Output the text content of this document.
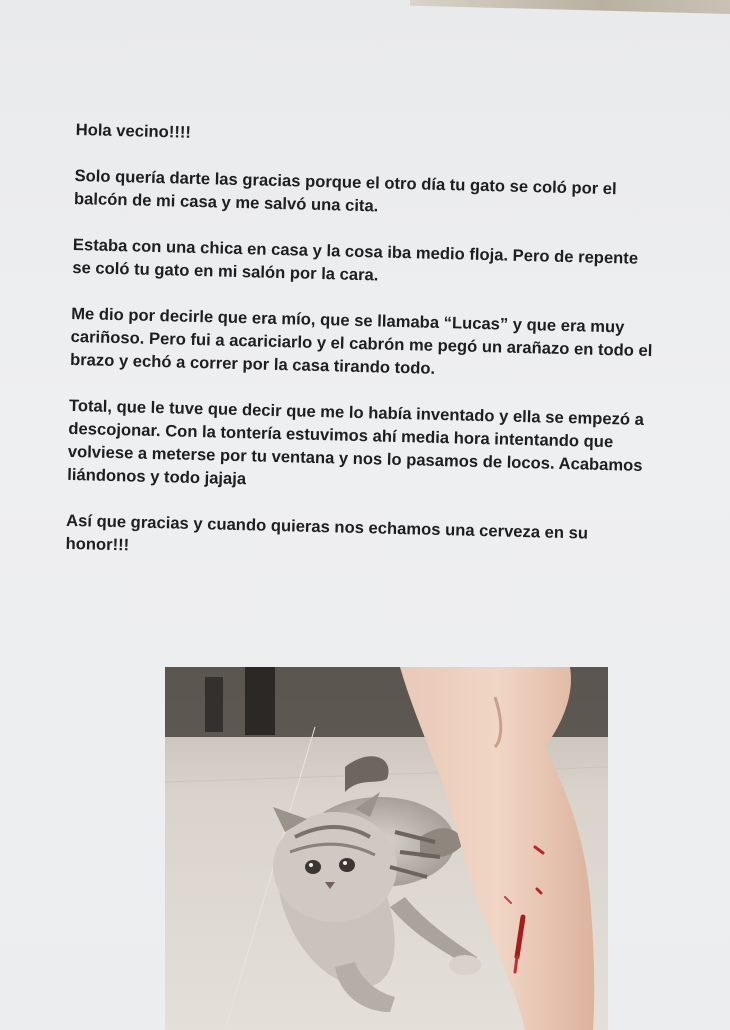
Hola vecino!!!!

Solo quería darte las gracias porque el otro día tu gato se coló por el
balcón de mi casa y me salvó una cita.

Estaba con una chica en casa y la cosa iba medio floja. Pero de repente
se coló tu gato en mi salón por la cara.

Me dio por decirle que era mío, que se llamaba “Lucas” y que era muy
cariñoso. Pero fui a acariciarlo y el cabrón me pegó un arañazo en todo el
brazo y echó a correr por la casa tirando todo.

Total, que le tuve que decir que me lo había inventado y ella se empezó a
descojonar. Con la tontería estuvimos ahí media hora intentando que
volviese a meterse por tu ventana y nos lo pasamos de locos. Acabamos
liándonos y todo jajaja

Así que gracias y cuando quieras nos echamos una cerveza en su
honor!!!
